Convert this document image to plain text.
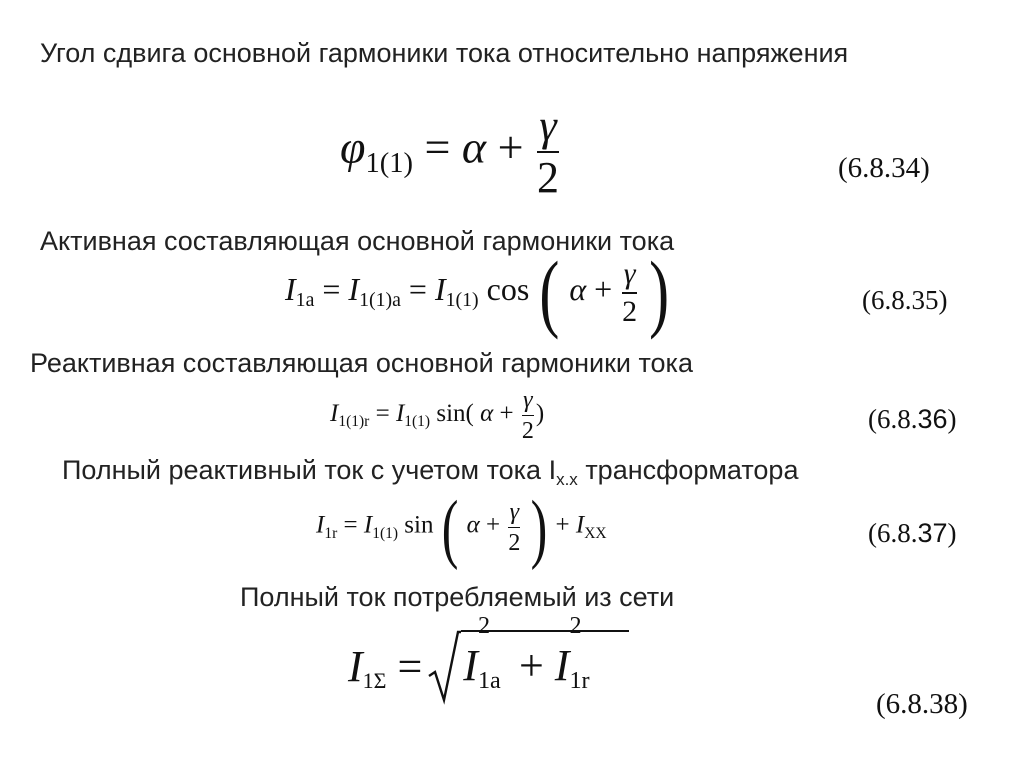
Угол сдвига основной гармоники тока относительно напряжения
$\varphi 1(1) = \alpha + \frac{\gamma}{2}$	(6.8.34)
Активная составляющая основной гармоники тока
I1a = I1(1)a = I1(1) cos ( $\alpha + \frac{\gamma}{2}$ )	(6.8.35)
Реактивная составляющая основной гармоники тока
I1(1)r = I1(1) sin( $\alpha + \frac{\gamma}{2}$ )	(6.8.36)
Полный реактивный ток с учетом тока $I_{х.х}$ трансформатора
I1r = I1(1) sin ( $\alpha + \frac{\gamma}{2}$ ) + IXX	(6.8.37)
Полный ток потребляемый из сети
I1Σ = I
2
1a + I
2
1r
(6.8.38)
